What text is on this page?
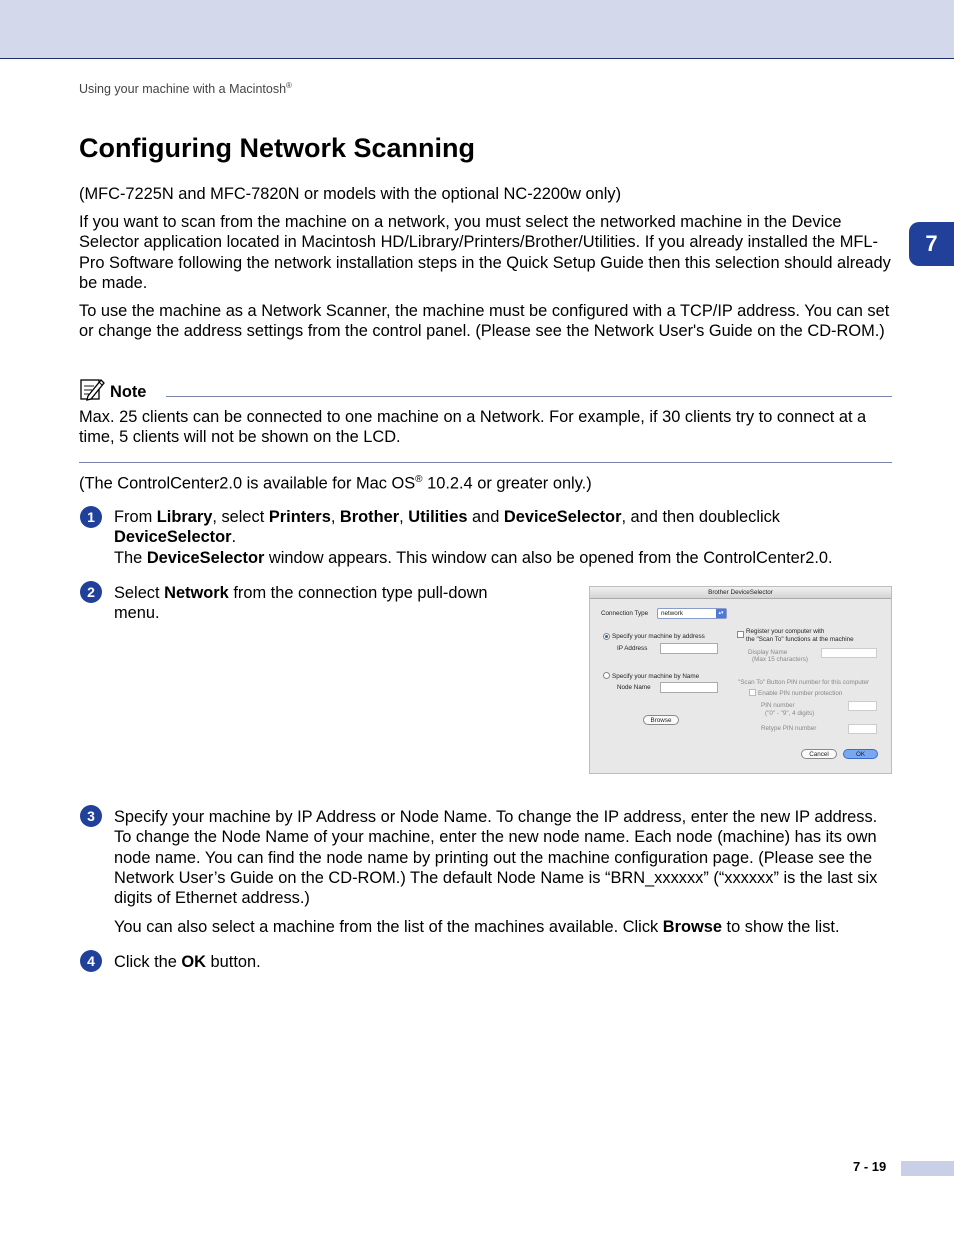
Using your machine with a Macintosh®
7
Configuring Network Scanning

(MFC-7225N and MFC-7820N or models with the optional NC-2200w only)

If you want to scan from the machine on a network, you must select the networked machine in the Device Selector application located in Macintosh HD/Library/Printers/Brother/Utilities. If you already installed the MFL-Pro Software following the network installation steps in the Quick Setup Guide then this selection should already be made.

To use the machine as a Network Scanner, the machine must be configured with a TCP/IP address. You can set or change the address settings from the control panel. (Please see the Network User's Guide on the CD-ROM.)

Note

Max. 25 clients can be connected to one machine on a Network. For example, if 30 clients try to connect at a time, 5 clients will not be shown on the LCD.

(The ControlCenter2.0 is available for Mac OS® 10.2.4 or greater only.)

1	From Library, select Printers, Brother, Utilities and DeviceSelector, and then doubleclick DeviceSelector.
The DeviceSelector window appears. This window can also be opened from the ControlCenter2.0.

2	Select Network from the connection type pull-down menu.

Brother DeviceSelector
Connection Type	network	▴▾
Specify your machine by address
IP Address
Specify your machine by Name
Node Name
Browse
Register your computer with
the "Scan To" functions at the machine
Display Name
(Max 15 characters)
"Scan To" Button PIN number for this computer
Enable PIN number protection
PIN number
("0" - "9", 4 digits)
Retype PIN number
Cancel	OK
3	Specify your machine by IP Address or Node Name. To change the IP address, enter the new IP address. To change the Node Name of your machine, enter the new node name. Each node (machine) has its own node name. You can find the node name by printing out the machine configuration page. (Please see the Network User’s Guide on the CD-ROM.) The default Node Name is “BRN_xxxxxx” (“xxxxxx” is the last six digits of Ethernet address.)

You can also select a machine from the list of the machines available. Click Browse to show the list.

4	Click the OK button.

7 - 19
